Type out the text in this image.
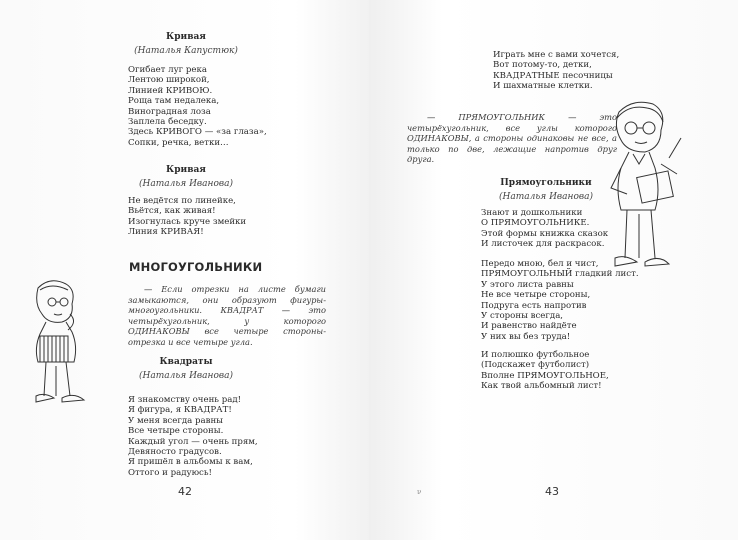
Кривая
(Наталья Капустюк)
Огибает луг река
Лентою широкой,
Линией КРИВОЮ.
Роща там недалека,
Виноградная лоза
Заплела беседку.
Здесь КРИВОГО — «за глаза»,
Сопки, речка, ветки…
Кривая
(Наталья Иванова)
Не ведётся по линейке,
Вьётся, как живая!
Изогнулась круче змейки
Линия КРИВАЯ!
МНОГОУГОЛЬНИКИ
— Если отрезки на листе бумаги замыкаются, они образуют фигуры-многоугольники. КВАДРАТ — это четырёхугольник, у которого ОДИНАКОВЫ все четыре стороны-отрезка и все четыре угла.
Квадраты
(Наталья Иванова)
Я знакомству очень рад!
Я фигура, я КВАДРАТ!
У меня всегда равны
Все четыре стороны.
Каждый угол — очень прям,
Девяносто градусов.
Я пришёл в альбомы к вам,
Оттого и радуюсь!
42
Играть мне с вами хочется,
Вот потому-то, детки,
КВАДРАТНЫЕ песочницы
И шахматные клетки.
— ПРЯМОУГОЛЬНИК — это четырёхугольник, все углы которого ОДИНАКОВЫ, а стороны одинаковы не все, а только по две, лежащие напротив друг друга.
Прямоугольники
(Наталья Иванова)
Знают и дошкольники
О ПРЯМОУГОЛЬНИКЕ.
Этой формы книжка сказок
И листочек для раскрасок.
Передо мною, бел и чист,
ПРЯМОУГОЛЬНЫЙ гладкий лист.
У этого листа равны
Не все четыре стороны,
Подруга есть напротив
У стороны всегда,
И равенство найдёте
У них вы без труда!
И полюшко футбольное
(Подскажет футболист)
Вполне ПРЯМОУГОЛЬНОЕ,
Как твой альбомный лист!
ν	43
